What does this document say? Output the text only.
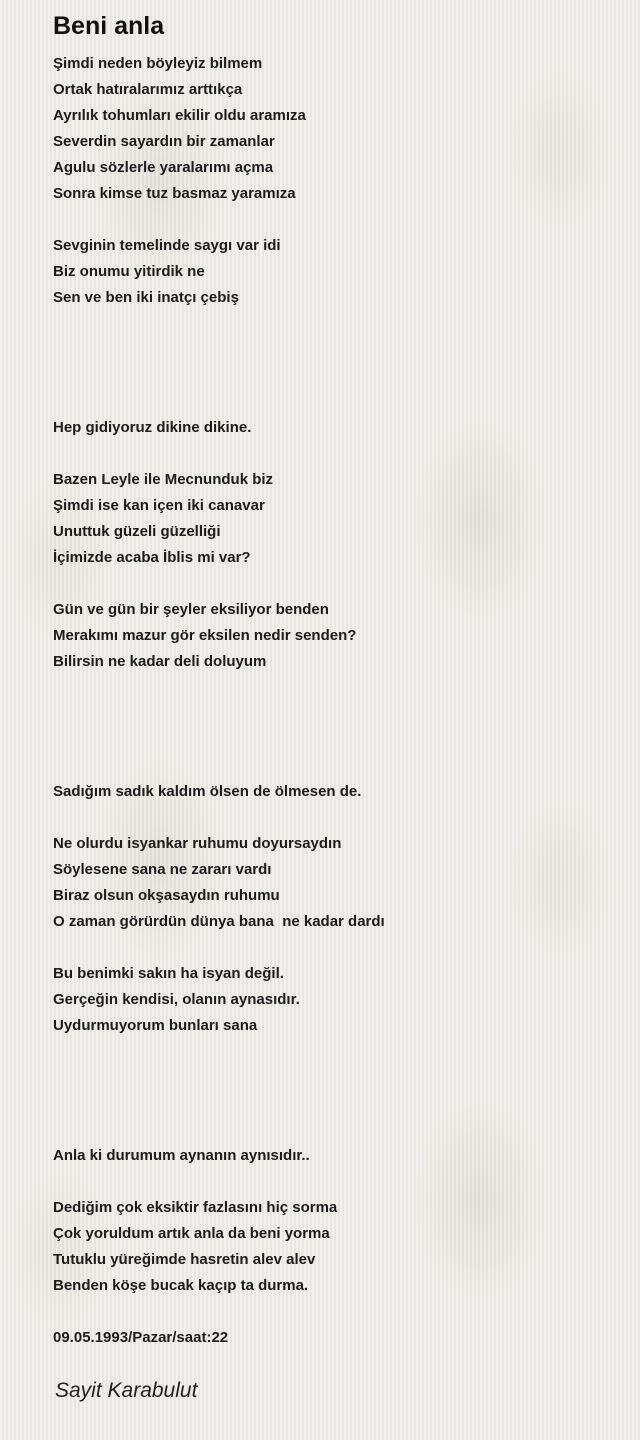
Beni anla
Şimdi neden böyleyiz bilmem
Ortak hatıralarımız arttıkça
Ayrılık tohumları ekilir oldu aramıza
Severdin sayardın bir zamanlar
Agulu sözlerle yaralarımı açma
Sonra kimse tuz basmaz yaramıza
Sevginin temelinde saygı var idi
Biz onumu yitirdik ne
Sen ve ben iki inatçı çebiş
Hep gidiyoruz dikine dikine.
Bazen Leyle ile Mecnunduk biz
Şimdi ise kan içen iki canavar
Unuttuk güzeli güzelliği
İçimizde acaba İblis mi var?
Gün ve gün bir şeyler eksiliyor benden
Merakımı mazur gör eksilen nedir senden?
Bilirsin ne kadar deli doluyum
Sadığım sadık kaldım ölsen de ölmesen de.
Ne olurdu isyankar ruhumu doyursaydın
Söylesene sana ne zararı vardı
Biraz olsun okşasaydın ruhumu
O zaman görürdün dünya bana  ne kadar dardı
Bu benimki sakın ha isyan değil.
Gerçeğin kendisi, olanın aynasıdır.
Uydurmuyorum bunları sana
Anla ki durumum aynanın aynısıdır..
Dediğim çok eksiktir fazlasını hiç sorma
Çok yoruldum artık anla da beni yorma
Tutuklu yüreğimde hasretin alev alev
Benden köşe bucak kaçıp ta durma.
09.05.1993/Pazar/saat:22
Sayit Karabulut
